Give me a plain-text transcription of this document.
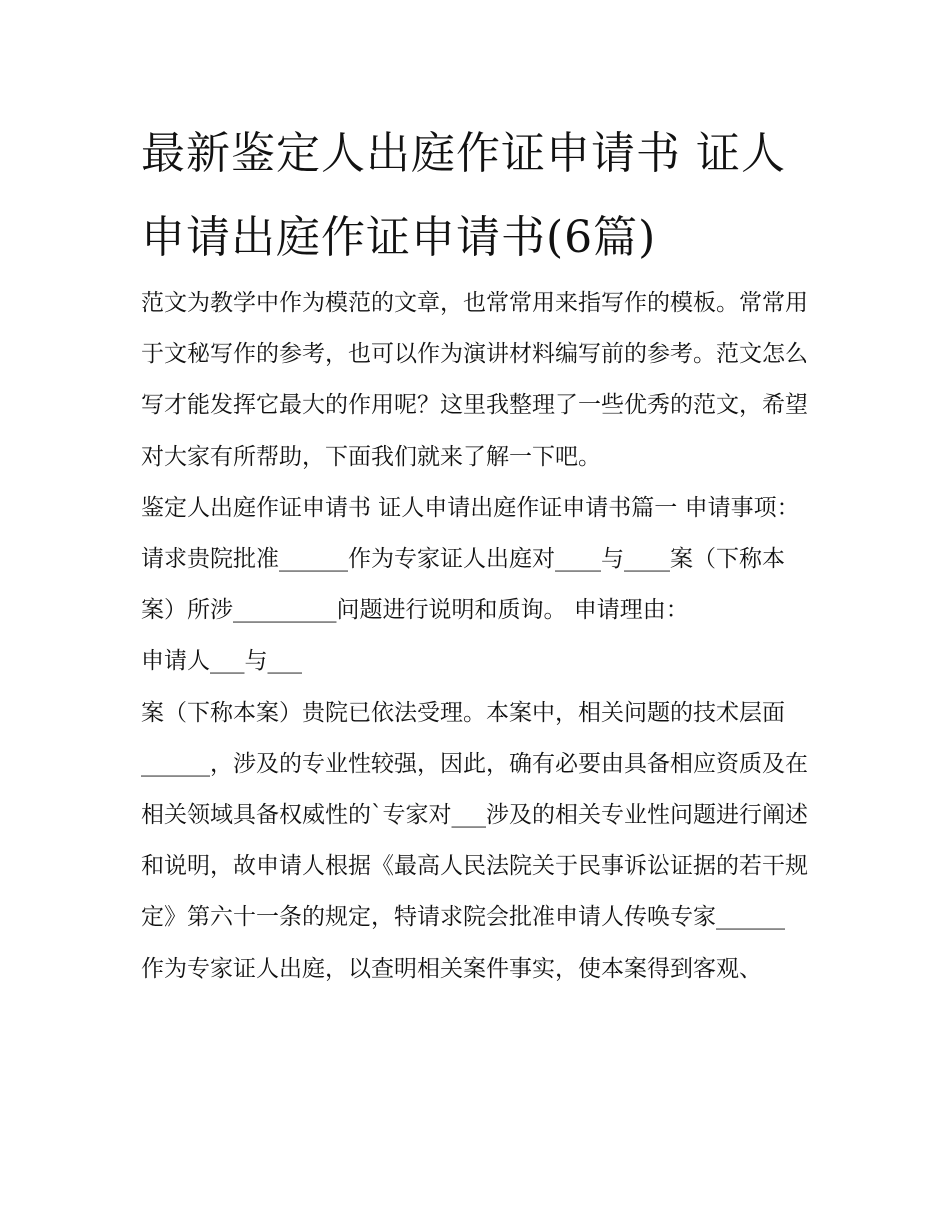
最新鉴定人出庭作证申请书 证人申请出庭作证申请书(6篇)

范文为教学中作为模范的文章，也常常用来指写作的模板。常常用于文秘写作的参考，也可以作为演讲材料编写前的参考。范文怎么写才能发挥它最大的作用呢？这里我整理了一些优秀的范文，希望对大家有所帮助，下面我们就来了解一下吧。

鉴定人出庭作证申请书 证人申请出庭作证申请书篇一 申请事项：

请求贵院批准______作为专家证人出庭对____与____案（下称本案）所涉_________问题进行说明和质询。 申请理由：

申请人___与___

案（下称本案）贵院已依法受理。本案中，相关问题的技术层面______，涉及的专业性较强，因此，确有必要由具备相应资质及在相关领域具备权威性的`专家对___涉及的相关专业性问题进行阐述和说明，故申请人根据《最高人民法院关于民事诉讼证据的若干规定》第六十一条的规定，特请求院会批准申请人传唤专家______

作为专家证人出庭，以查明相关案件事实，使本案得到客观、
